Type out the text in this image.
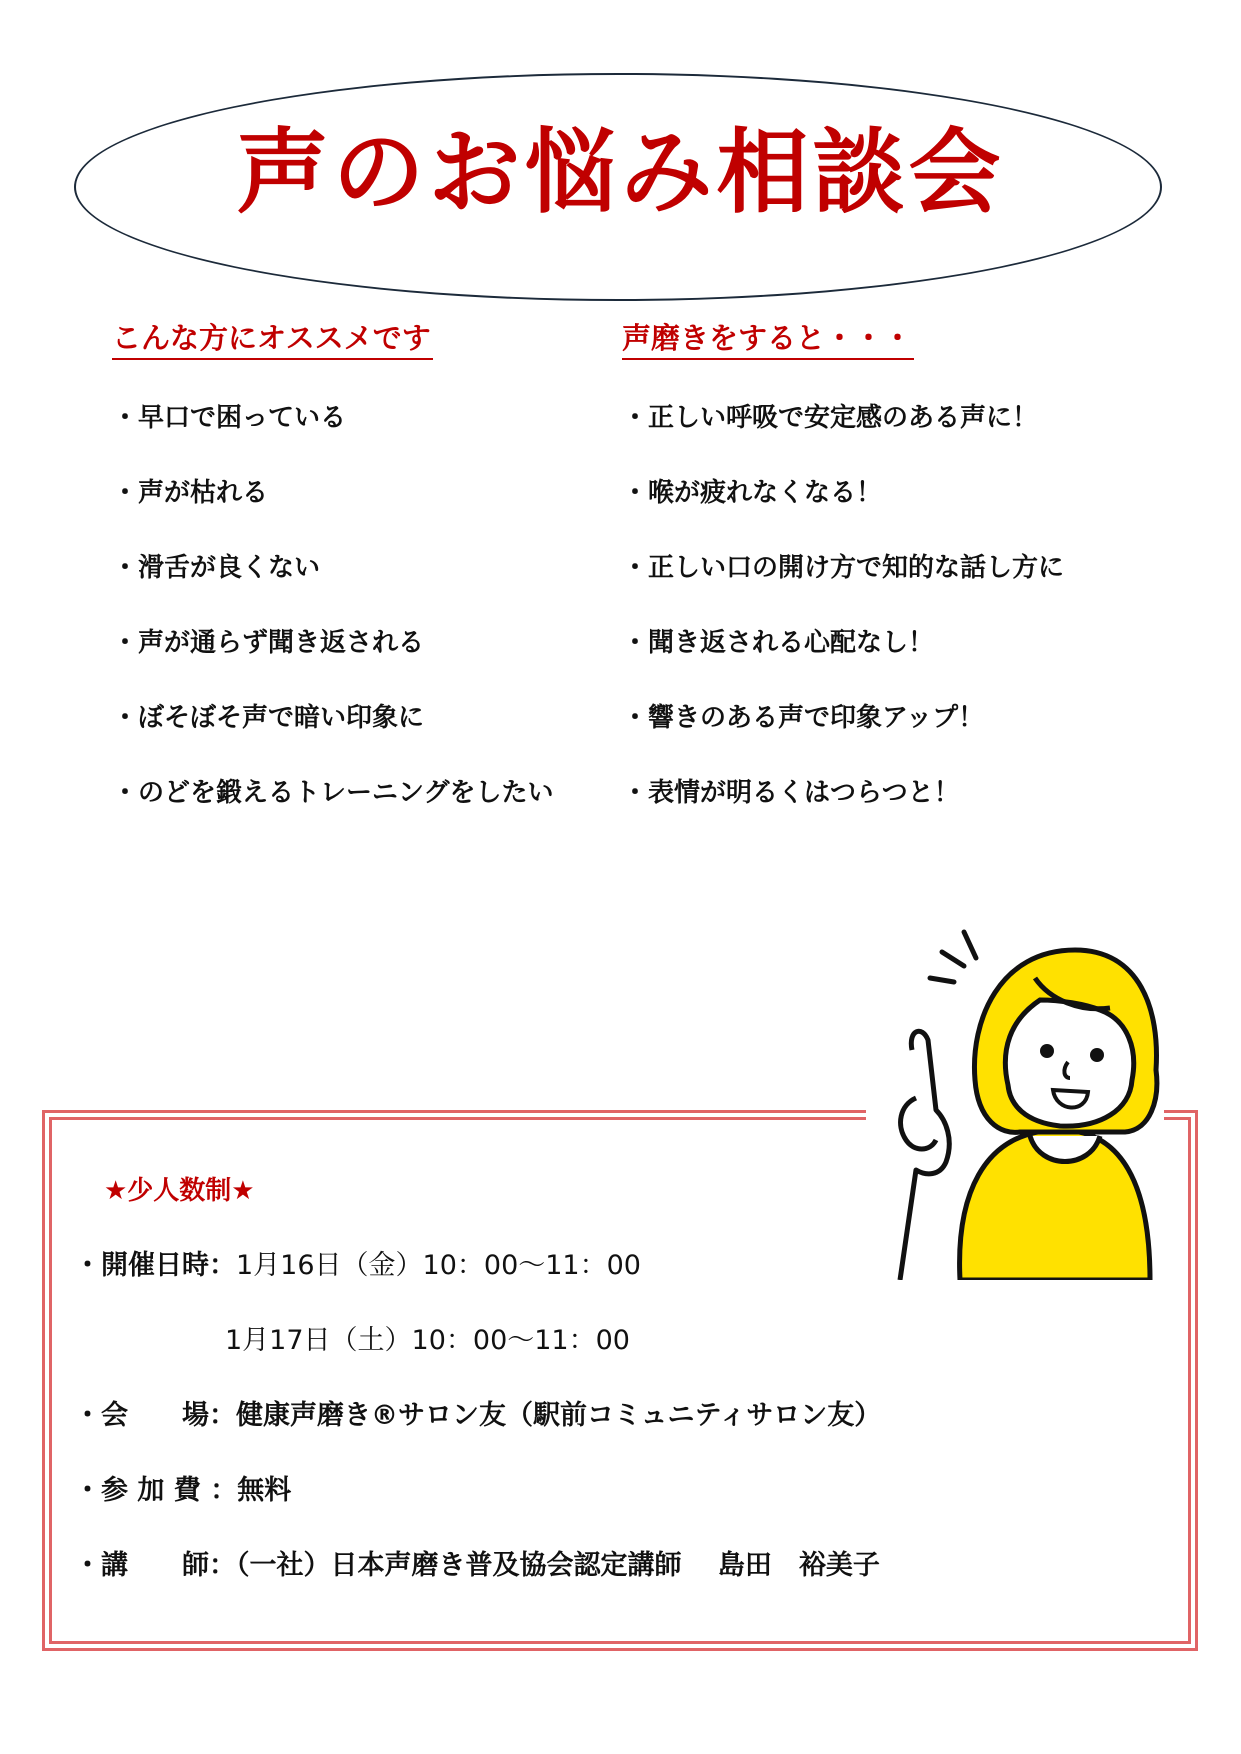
声のお悩み相談会
こんな方にオススメです
・早口で困っている
・声が枯れる
・滑舌が良くない
・声が通らず聞き返される
・ぼそぼそ声で暗い印象に
・のどを鍛えるトレーニングをしたい
声磨きをすると・・・
・正しい呼吸で安定感のある声に！
・喉が疲れなくなる！
・正しい口の開け方で知的な話し方に
・聞き返される心配なし！
・響きのある声で印象アップ！
・表情が明るくはつらつと！
★少人数制★
・開催日時：1月16日（金）10：00～11：00
1月17日（土）10：00～11：00
・会　　場：健康声磨き®サロン友（駅前コミュニティサロン友）
・参 加 費 ：無料
・講　　師：（一社）日本声磨き普及協会認定講師　 島田　裕美子
